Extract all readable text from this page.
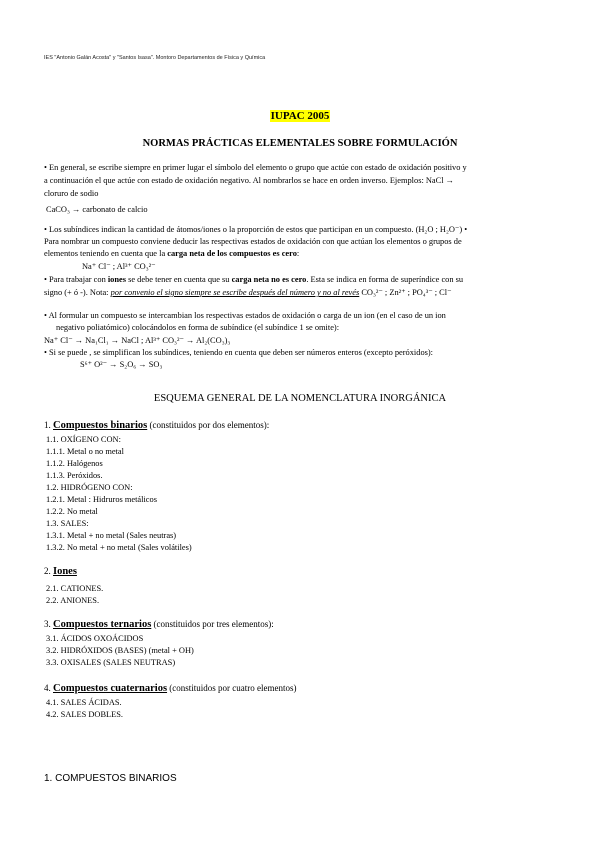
IES "Antonio Galán Acosta" y "Santos Isasa". Montoro Departamentos de Física y Química
IUPAC 2005
NORMAS PRÁCTICAS ELEMENTALES SOBRE FORMULACIÓN
• En general, se escribe siempre en primer lugar el símbolo del elemento o grupo que actúe con estado de oxidación positivo y
a continuación el que actúe con estado de oxidación negativo. Al nombrarlos se hace en orden inverso. Ejemplos: NaCl →
cloruro de sodio
CaCO₃ → carbonato de calcio
• Los subíndices indican la cantidad de átomos/iones o la proporción de estos que participan en un compuesto. (H₂O ; H₂O⁻) •
Para nombrar un compuesto conviene deducir las respectivas estados de oxidación con que actúan los elementos o grupos de
elementos teniendo en cuenta que la carga neta de los compuestos es cero:
Na⁺ Cl⁻ ; Al³⁺ CO₃²⁻
• Para trabajar con iones se debe tener en cuenta que su carga neta no es cero. Esta se indica en forma de superíndice con su
signo (+ ó -). Nota: por convenio el signo siempre se escribe después del número y no al revés CO₃²⁻ ; Zn²⁺ ; PO₄³⁻ ; Cl⁻
• Al formular un compuesto se intercambian los respectivas estados de oxidación o carga de un ion (en el caso de un ion
negativo poliatómico) colocándolos en forma de subíndice (el subíndice 1 se omite):
Na⁺ Cl⁻ → Na₁Cl₁ → NaCl ; Al³⁺ CO₃²⁻ → Al₂(CO₃)₃
• Si se puede , se simplifican los subíndices, teniendo en cuenta que deben ser números enteros (excepto peróxidos):
S⁶⁺ O²⁻ → S₂O₆ → SO₃
ESQUEMA GENERAL DE LA NOMENCLATURA INORGÁNICA
1. Compuestos binarios (constituidos por dos elementos):
1.1. OXÍGENO CON:
1.1.1. Metal o no metal
1.1.2. Halógenos
1.1.3. Peróxidos.
1.2. HIDRÓGENO CON:
1.2.1. Metal : Hidruros metálicos
1.2.2. No metal
1.3. SALES:
1.3.1. Metal + no metal (Sales neutras)
1.3.2. No metal + no metal (Sales volátiles)
2. Iones
2.1. CATIONES.
2.2. ANIONES.
3. Compuestos ternarios (constituidos por tres elementos):
3.1. ÁCIDOS OXOÁCIDOS
3.2. HIDRÓXIDOS (BASES) (metal + OH)
3.3. OXISALES (SALES NEUTRAS)
4. Compuestos cuaternarios (constituidos por cuatro elementos)
4.1. SALES ÁCIDAS.
4.2. SALES DOBLES.
1. COMPUESTOS BINARIOS
